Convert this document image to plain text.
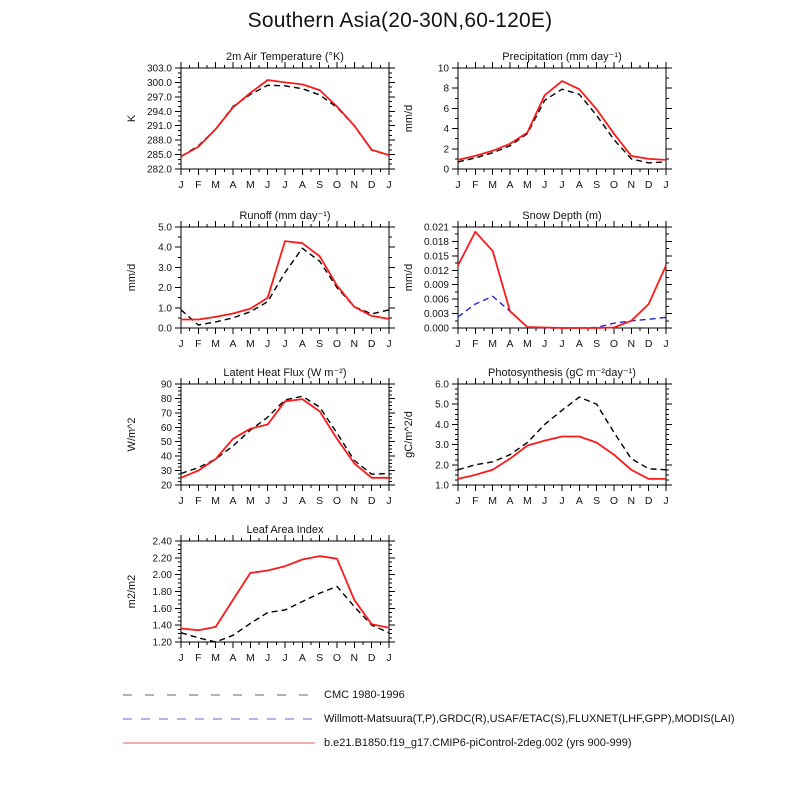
Southern Asia(20-30N,60-120E)
2m Air Temperature (°K)
282.0
285.0
288.0
291.0
294.0
297.0
300.0
303.0
J F M A M J J A S O N D J
K
Precipitation (mm day⁻¹)
0
2
4
6
8
10
J F M A M J J A S O N D J
mm/d
Runoff (mm day⁻¹)
0.0
1.0
2.0
3.0
4.0
5.0
J F M A M J J A S O N D J
mm/d
Snow Depth (m)
0.000
0.003
0.006
0.009
0.012
0.015
0.018
0.021
J F M A M J J A S O N D J
mm/d
Latent Heat Flux (W m⁻²)
20
30
40
50
60
70
80
90
J F M A M J J A S O N D J
W/m^2
Photosynthesis (gC m⁻²day⁻¹)
1.0
2.0
3.0
4.0
5.0
6.0
J F M A M J J A S O N D J
gC/m^2/d
Leaf Area Index
1.20
1.40
1.60
1.80
2.00
2.20
2.40
J F M A M J J A S O N D J
m2/m2
CMC 1980-1996
Willmott-Matsuura(T,P),GRDC(R),USAF/ETAC(S),FLUXNET(LHF,GPP),MODIS(LAI)
b.e21.B1850.f19_g17.CMIP6-piControl-2deg.002 (yrs 900-999)
